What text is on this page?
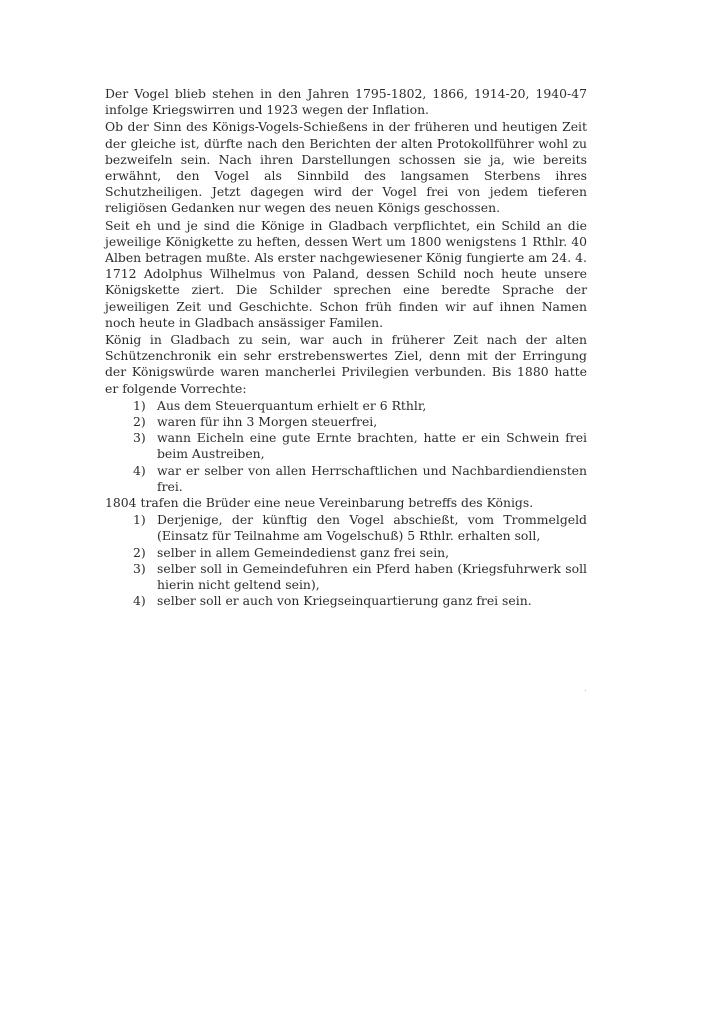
Der Vogel blieb stehen in den Jahren 1795-1802, 1866, 1914-20, 1940-47 infolge Kriegswirren und 1923 wegen der Inflation.

Ob der Sinn des Königs-Vogels-Schießens in der früheren und heutigen Zeit der gleiche ist, dürfte nach den Berichten der alten Protokollführer wohl zu bezweifeln sein. Nach ihren Darstellungen schossen sie ja, wie bereits erwähnt, den Vogel als Sinnbild des langsamen Sterbens ihres Schutzheiligen. Jetzt dagegen wird der Vogel frei von jedem tieferen religiösen Gedanken nur wegen des neuen Königs geschossen.

Seit eh und je sind die Könige in Gladbach verpflichtet, ein Schild an die jeweilige Königkette zu heften, dessen Wert um 1800 wenigstens 1 Rthlr. 40 Alben betragen mußte. Als erster nachgewiesener König fungierte am 24. 4. 1712 Adolphus Wilhelmus von Paland, dessen Schild noch heute unsere Königskette ziert. Die Schilder sprechen eine beredte Sprache der jeweiligen Zeit und Geschichte. Schon früh finden wir auf ihnen Namen noch heute in Gladbach ansässiger Familen.

König in Gladbach zu sein, war auch in früherer Zeit nach der alten Schützenchronik ein sehr erstrebenswertes Ziel, denn mit der Erringung der Königswürde waren mancherlei Privilegien verbunden. Bis 1880 hatte er folgende Vorrechte:

1) Aus dem Steuerquantum erhielt er 6 Rthlr,
2) waren für ihn 3 Morgen steuerfrei,
3) wann Eicheln eine gute Ernte brachten, hatte er ein Schwein frei beim Austreiben,
4) war er selber von allen Herrschaftlichen und Nachbardiendiensten frei.

1804 trafen die Brüder eine neue Vereinbarung betreffs des Königs.

1) Derjenige, der künftig den Vogel abschießt, vom Trommelgeld (Einsatz für Teilnahme am Vogelschuß) 5 Rthlr. erhalten soll,
2) selber in allem Gemeindedienst ganz frei sein,
3) selber soll in Gemeindefuhren ein Pferd haben (Kriegsfuhrwerk soll hierin nicht geltend sein),
4) selber soll er auch von Kriegseinquartierung ganz frei sein.
